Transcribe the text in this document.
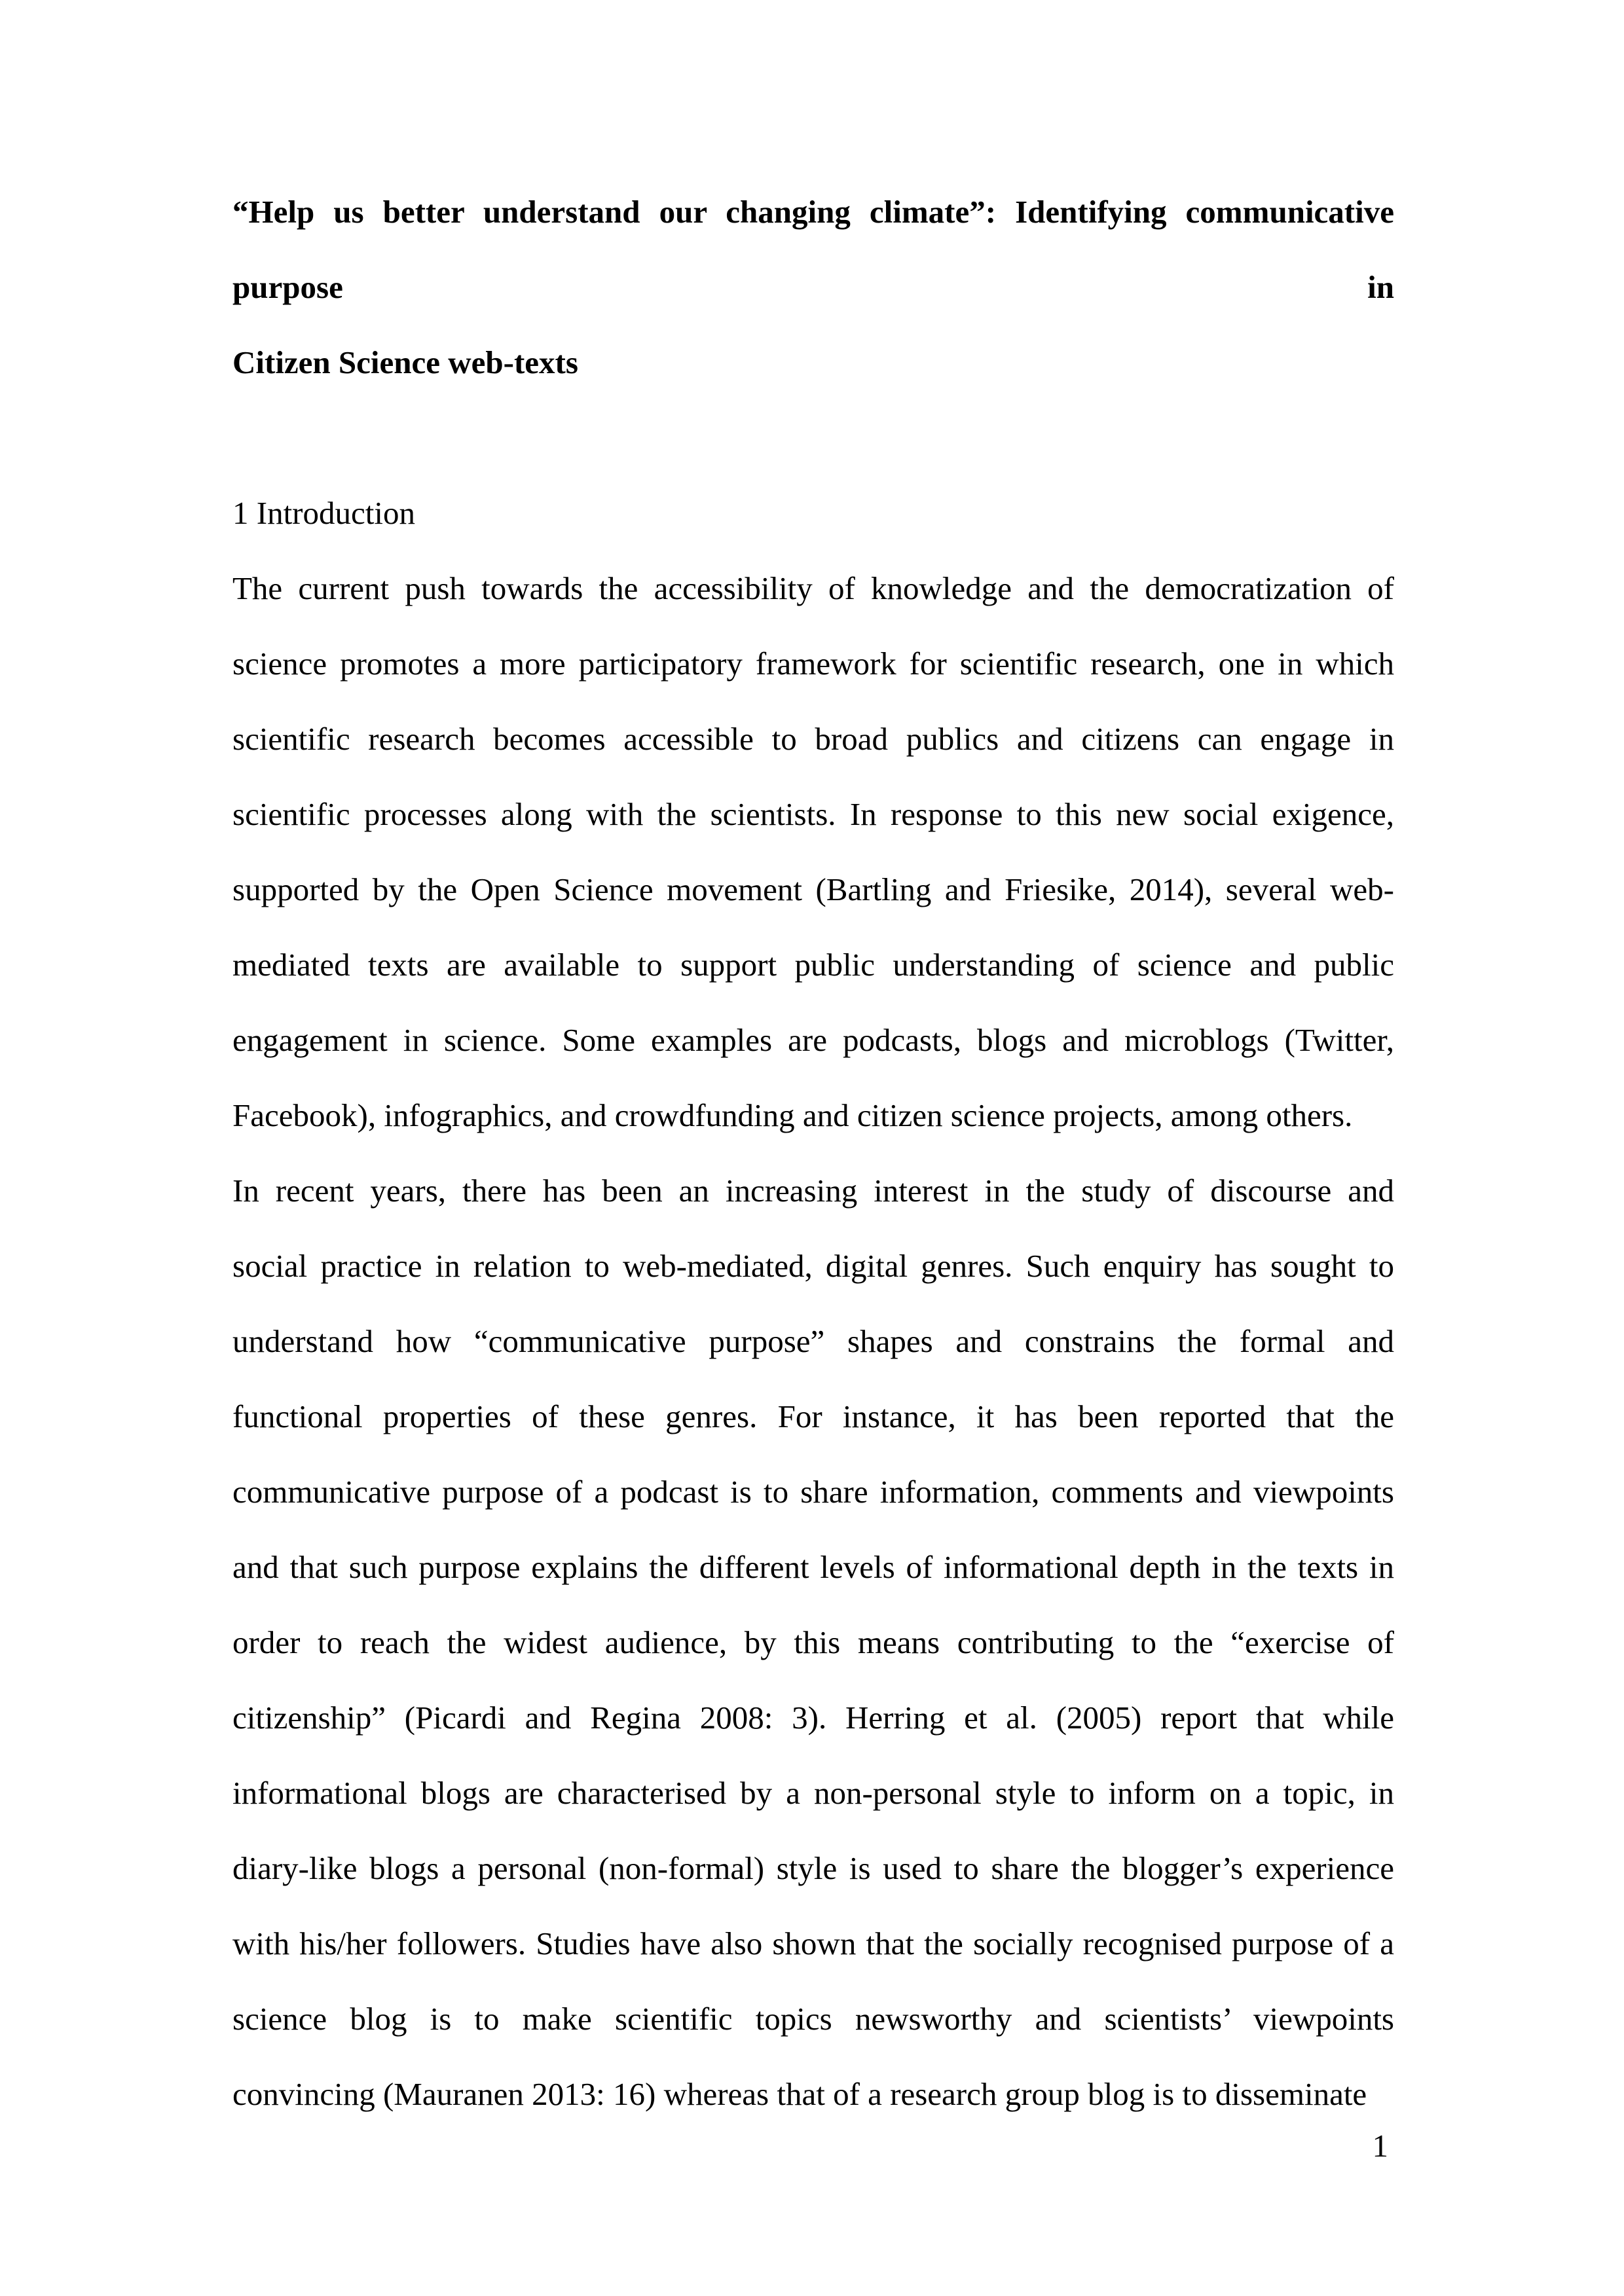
“Help us better understand our changing climate”: Identifying communicative purpose in
Citizen Science web-texts
1 Introduction
The current push towards the accessibility of knowledge and the democratization of
science promotes a more participatory framework for scientific research, one in which
scientific research becomes accessible to broad publics and citizens can engage in
scientific processes along with the scientists. In response to this new social exigence,
supported by the Open Science movement (Bartling and Friesike, 2014), several web-
mediated texts are available to support public understanding of science and public
engagement in science. Some examples are podcasts, blogs and microblogs (Twitter,
Facebook), infographics, and crowdfunding and citizen science projects, among others.
In recent years, there has been an increasing interest in the study of discourse and
social practice in relation to web-mediated, digital genres. Such enquiry has sought to
understand how “communicative purpose” shapes and constrains the formal and
functional properties of these genres. For instance, it has been reported that the
communicative purpose of a podcast is to share information, comments and viewpoints
and that such purpose explains the different levels of informational depth in the texts in
order to reach the widest audience, by this means contributing to the “exercise of
citizenship” (Picardi and Regina 2008: 3). Herring et al. (2005) report that while
informational blogs are characterised by a non-personal style to inform on a topic, in
diary-like blogs a personal (non-formal) style is used to share the blogger’s experience
with his/her followers. Studies have also shown that the socially recognised purpose of a
science blog is to make scientific topics newsworthy and scientists’ viewpoints
convincing (Mauranen 2013: 16) whereas that of a research group blog is to disseminate
1
